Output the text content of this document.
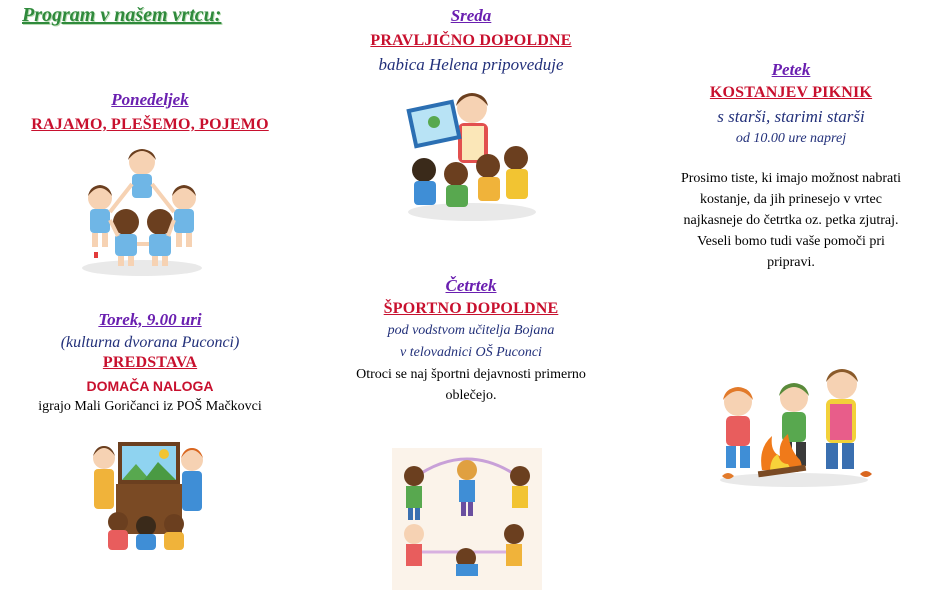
Program v našem vrtcu:
Ponedeljek
RAJAMO, PLEŠEMO, POJEMO
Torek, 9.00 uri
(kulturna dvorana Puconci)
PREDSTAVA
DOMAČA NALOGA
igrajo Mali Goričanci iz POŠ Mačkovci
Sreda
PRAVLJIČNO DOPOLDNE
babica Helena pripoveduje
Četrtek
ŠPORTNO DOPOLDNE
pod vodstvom učitelja Bojana
v telovadnici OŠ Puconci
Otroci se naj športni dejavnosti primerno
oblečejo.
Petek
KOSTANJEV PIKNIK
s starši, starimi starši
od 10.00 ure naprej
Prosimo tiste, ki imajo možnost nabrati
kostanje, da jih prinesejo v vrtec
najkasneje do četrtka oz. petka zjutraj.
Veseli bomo tudi vaše pomoči pri
pripravi.
